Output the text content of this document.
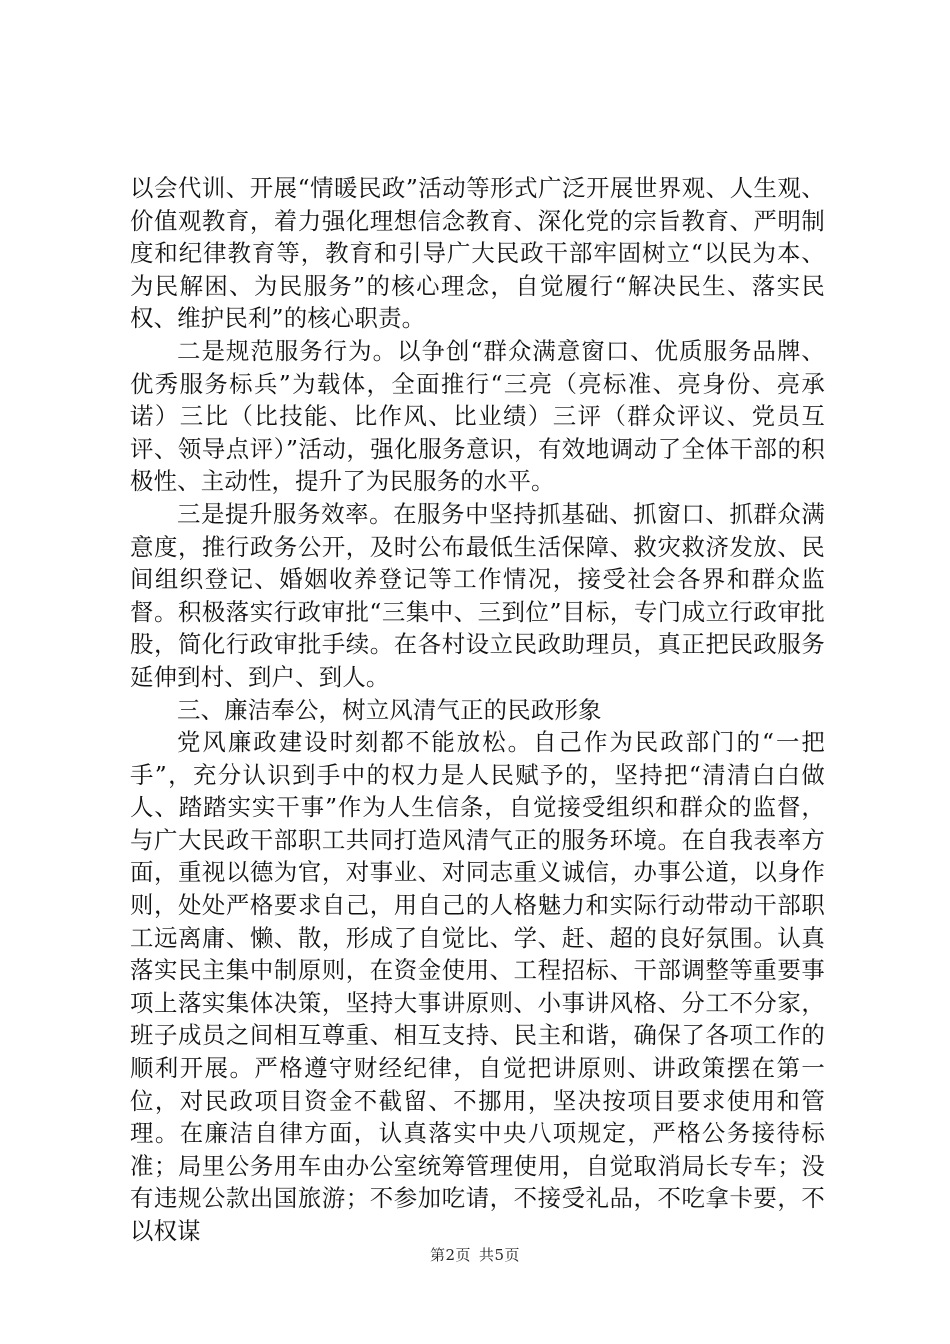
以会代训、开展“情暖民政”活动等形式广泛开展世界观、人生观、价值观教育，着力强化理想信念教育、深化党的宗旨教育、严明制度和纪律教育等，教育和引导广大民政干部牢固树立“以民为本、为民解困、为民服务”的核心理念，自觉履行“解决民生、落实民权、维护民利”的核心职责。

二是规范服务行为。以争创“群众满意窗口、优质服务品牌、优秀服务标兵”为载体，全面推行“三亮（亮标准、亮身份、亮承诺）三比（比技能、比作风、比业绩）三评（群众评议、党员互评、领导点评）”活动，强化服务意识，有效地调动了全体干部的积极性、主动性，提升了为民服务的水平。

三是提升服务效率。在服务中坚持抓基础、抓窗口、抓群众满意度，推行政务公开，及时公布最低生活保障、救灾救济发放、民间组织登记、婚姻收养登记等工作情况，接受社会各界和群众监督。积极落实行政审批“三集中、三到位”目标，专门成立行政审批股，简化行政审批手续。在各村设立民政助理员，真正把民政服务延伸到村、到户、到人。

三、廉洁奉公，树立风清气正的民政形象

党风廉政建设时刻都不能放松。自己作为民政部门的“一把手”，充分认识到手中的权力是人民赋予的，坚持把“清清白白做人、踏踏实实干事”作为人生信条，自觉接受组织和群众的监督，与广大民政干部职工共同打造风清气正的服务环境。在自我表率方面，重视以德为官，对事业、对同志重义诚信，办事公道，以身作则，处处严格要求自己，用自己的人格魅力和实际行动带动干部职工远离庸、懒、散，形成了自觉比、学、赶、超的良好氛围。认真落实民主集中制原则，在资金使用、工程招标、干部调整等重要事项上落实集体决策，坚持大事讲原则、小事讲风格、分工不分家，班子成员之间相互尊重、相互支持、民主和谐，确保了各项工作的顺利开展。严格遵守财经纪律，自觉把讲原则、讲政策摆在第一位，对民政项目资金不截留、不挪用，坚决按项目要求使用和管理。在廉洁自律方面，认真落实中央八项规定，严格公务接待标准；局里公务用车由办公室统筹管理使用，自觉取消局长专车；没有违规公款出国旅游；不参加吃请，不接受礼品，不吃拿卡要，不以权谋

第2页 共5页
